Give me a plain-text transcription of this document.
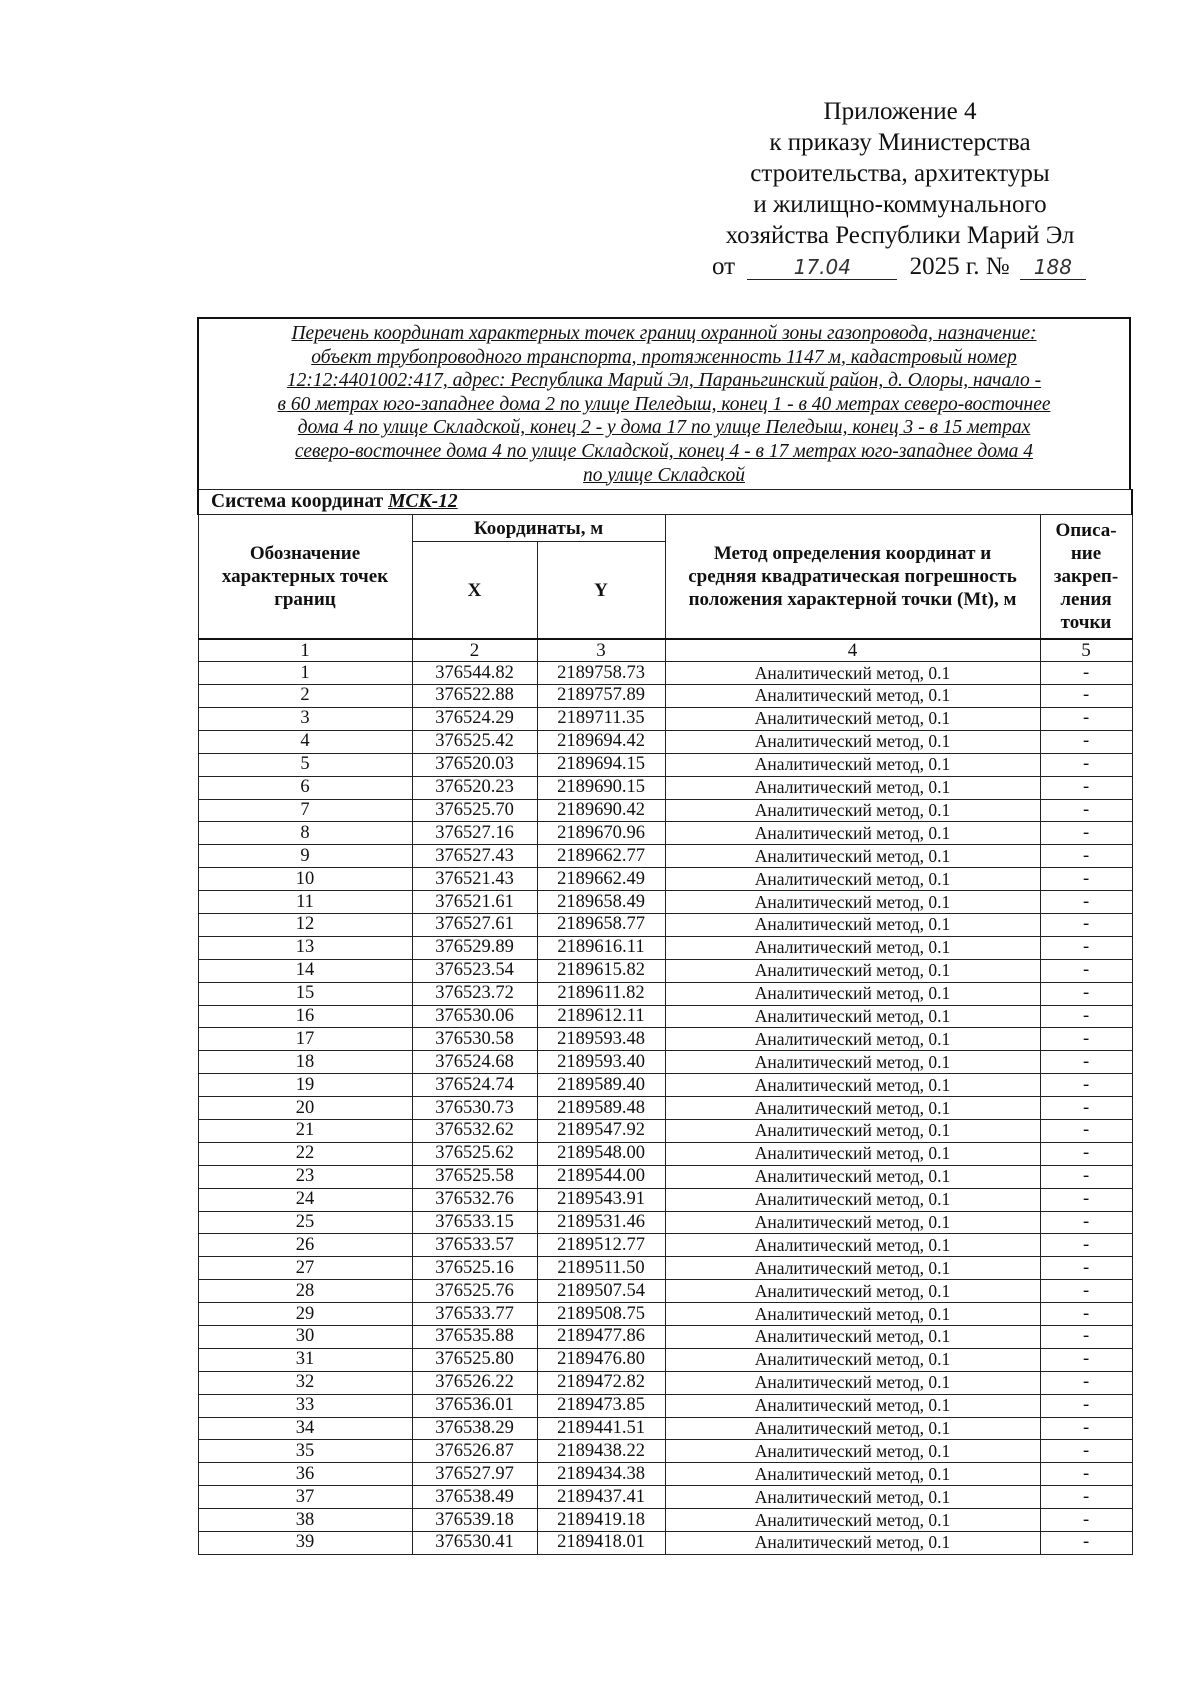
Приложение 4
к приказу Министерства
строительства, архитектуры
и жилищно-коммунального
хозяйства Республики Марий Эл
от	17.04 2025 г. № 188
Перечень координат характерных точек границ охранной зоны газопровода, назначение:
объект трубопроводного транспорта, протяженность 1147 м, кадастровый номер
12:12:4401002:417, адрес: Республика Марий Эл, Параньгинский район, д. Олоры, начало -
в 60 метрах юго-западнее дома 2 по улице Пеледыш, конец 1 - в 40 метрах северо-восточнее
дома 4 по улице Складской, конец 2 - у дома 17 по улице Пеледыш, конец 3 - в 15 метрах
северо-восточнее дома 4 по улице Складской, конец 4 - в 17 метрах юго-западнее дома 4
по улице Складской
Система координат МСК-12				
Обозначение характерных точек границ	Координаты, м		Метод определения координат и средняя квадратическая погрешность положения характерной точки (Mt), м	Описа-
ние
закреп-
ления
точки

	X	Y		
1	2	3	4	5
1	376544.82	2189758.73	Аналитический метод, 0.1	-
2	376522.88	2189757.89	Аналитический метод, 0.1	-
3	376524.29	2189711.35	Аналитический метод, 0.1	-
4	376525.42	2189694.42	Аналитический метод, 0.1	-
5	376520.03	2189694.15	Аналитический метод, 0.1	-
6	376520.23	2189690.15	Аналитический метод, 0.1	-
7	376525.70	2189690.42	Аналитический метод, 0.1	-
8	376527.16	2189670.96	Аналитический метод, 0.1	-
9	376527.43	2189662.77	Аналитический метод, 0.1	-
10	376521.43	2189662.49	Аналитический метод, 0.1	-
11	376521.61	2189658.49	Аналитический метод, 0.1	-
12	376527.61	2189658.77	Аналитический метод, 0.1	-
13	376529.89	2189616.11	Аналитический метод, 0.1	-
14	376523.54	2189615.82	Аналитический метод, 0.1	-
15	376523.72	2189611.82	Аналитический метод, 0.1	-
16	376530.06	2189612.11	Аналитический метод, 0.1	-
17	376530.58	2189593.48	Аналитический метод, 0.1	-
18	376524.68	2189593.40	Аналитический метод, 0.1	-
19	376524.74	2189589.40	Аналитический метод, 0.1	-
20	376530.73	2189589.48	Аналитический метод, 0.1	-
21	376532.62	2189547.92	Аналитический метод, 0.1	-
22	376525.62	2189548.00	Аналитический метод, 0.1	-
23	376525.58	2189544.00	Аналитический метод, 0.1	-
24	376532.76	2189543.91	Аналитический метод, 0.1	-
25	376533.15	2189531.46	Аналитический метод, 0.1	-
26	376533.57	2189512.77	Аналитический метод, 0.1	-
27	376525.16	2189511.50	Аналитический метод, 0.1	-
28	376525.76	2189507.54	Аналитический метод, 0.1	-
29	376533.77	2189508.75	Аналитический метод, 0.1	-
30	376535.88	2189477.86	Аналитический метод, 0.1	-
31	376525.80	2189476.80	Аналитический метод, 0.1	-
32	376526.22	2189472.82	Аналитический метод, 0.1	-
33	376536.01	2189473.85	Аналитический метод, 0.1	-
34	376538.29	2189441.51	Аналитический метод, 0.1	-
35	376526.87	2189438.22	Аналитический метод, 0.1	-
36	376527.97	2189434.38	Аналитический метод, 0.1	-
37	376538.49	2189437.41	Аналитический метод, 0.1	-
38	376539.18	2189419.18	Аналитический метод, 0.1	-
39	376530.41	2189418.01	Аналитический метод, 0.1	-
